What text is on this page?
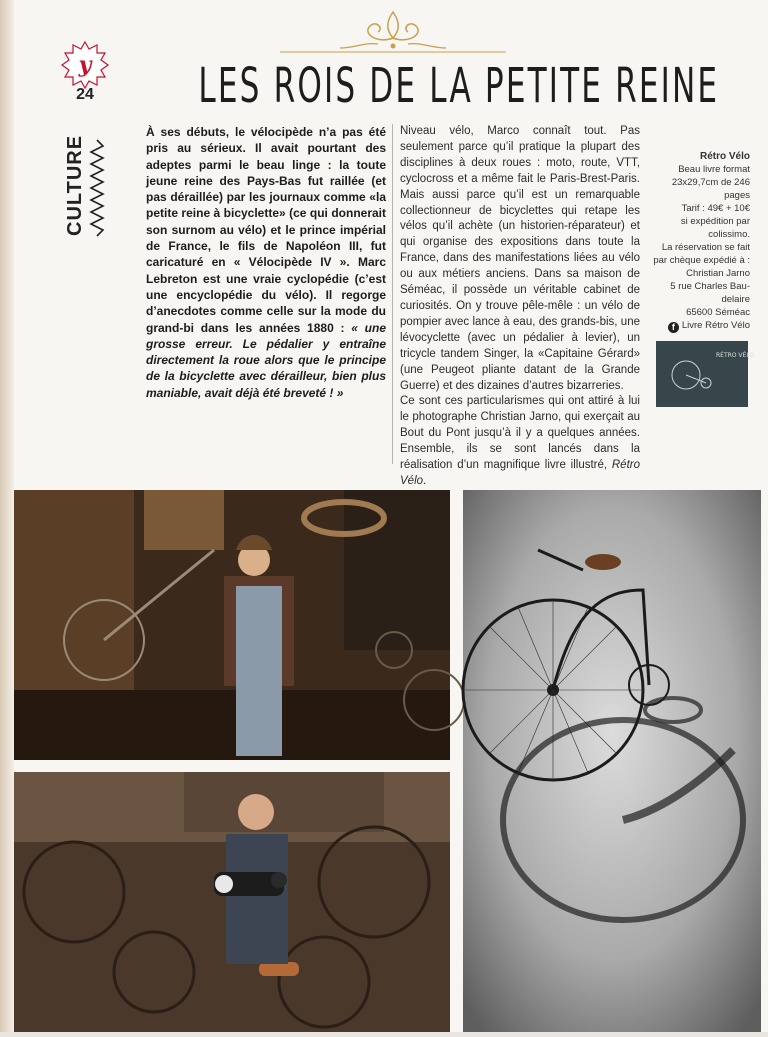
y
24 LES ROIS DE LA PETITE REINE
CULTURE
À ses débuts, le vélocipède n’a pas été pris au sérieux. Il avait pourtant des adeptes parmi le beau linge : la toute jeune reine des Pays-Bas fut raillée (et pas déraillée) par les journaux comme «la petite reine à bicyclette» (ce qui donnerait son surnom au vélo) et le prince impérial de France, le fils de Napoléon III, fut caricaturé en « Vélocipède IV ». Marc Lebreton est une vraie cyclopédie (c’est une encyclopédie du vélo). Il regorge d’anecdotes comme celle sur la mode du grand-bi dans les années 1880 : « une grosse erreur. Le pédalier y entraîne directement la roue alors que le principe de la bicyclette avec dérailleur, bien plus maniable, avait déjà été breveté ! »

Niveau vélo, Marco connaît tout. Pas seulement parce qu’il pratique la plupart des disciplines à deux roues : moto, route, VTT, cyclocross et a même fait le Paris-Brest-Paris. Mais aussi parce qu’il est un remarquable collectionneur de bicyclettes qui retape les vélos qu’il achète (un historien-réparateur) et qui organise des expositions dans toute la France, dans des manifestations liées au vélo ou aux métiers anciens. Dans sa maison de Séméac, il possède un véritable cabinet de curiosités. On y trouve pêle-mêle : un vélo de pompier avec lance à eau, des grands-bis, une lévocyclette (avec un pédalier à levier), un tricycle tandem Singer, la «Capitaine Gérard» (une Peugeot pliante datant de la Grande Guerre) et des dizaines d’autres bizarreries.

Ce sont ces particularismes qui ont attiré à lui le photographe Christian Jarno, qui exerçait au Bout du Pont jusqu’à il y a quelques années. Ensemble, ils se sont lancés dans la réalisation d’un magnifique livre illustré, Rétro Vélo.

Rétro Vélo
Beau livre format
23x29,7cm de 246
pages
Tarif : 49€ + 10€
si expédition par
colissimo.
La réservation se fait
par chèque expédié à :
Christian Jarno
5 rue Charles Bau-
delaire
65600 Séméac
f Livre Rétro Vélo
RÉTRO VÉLO
